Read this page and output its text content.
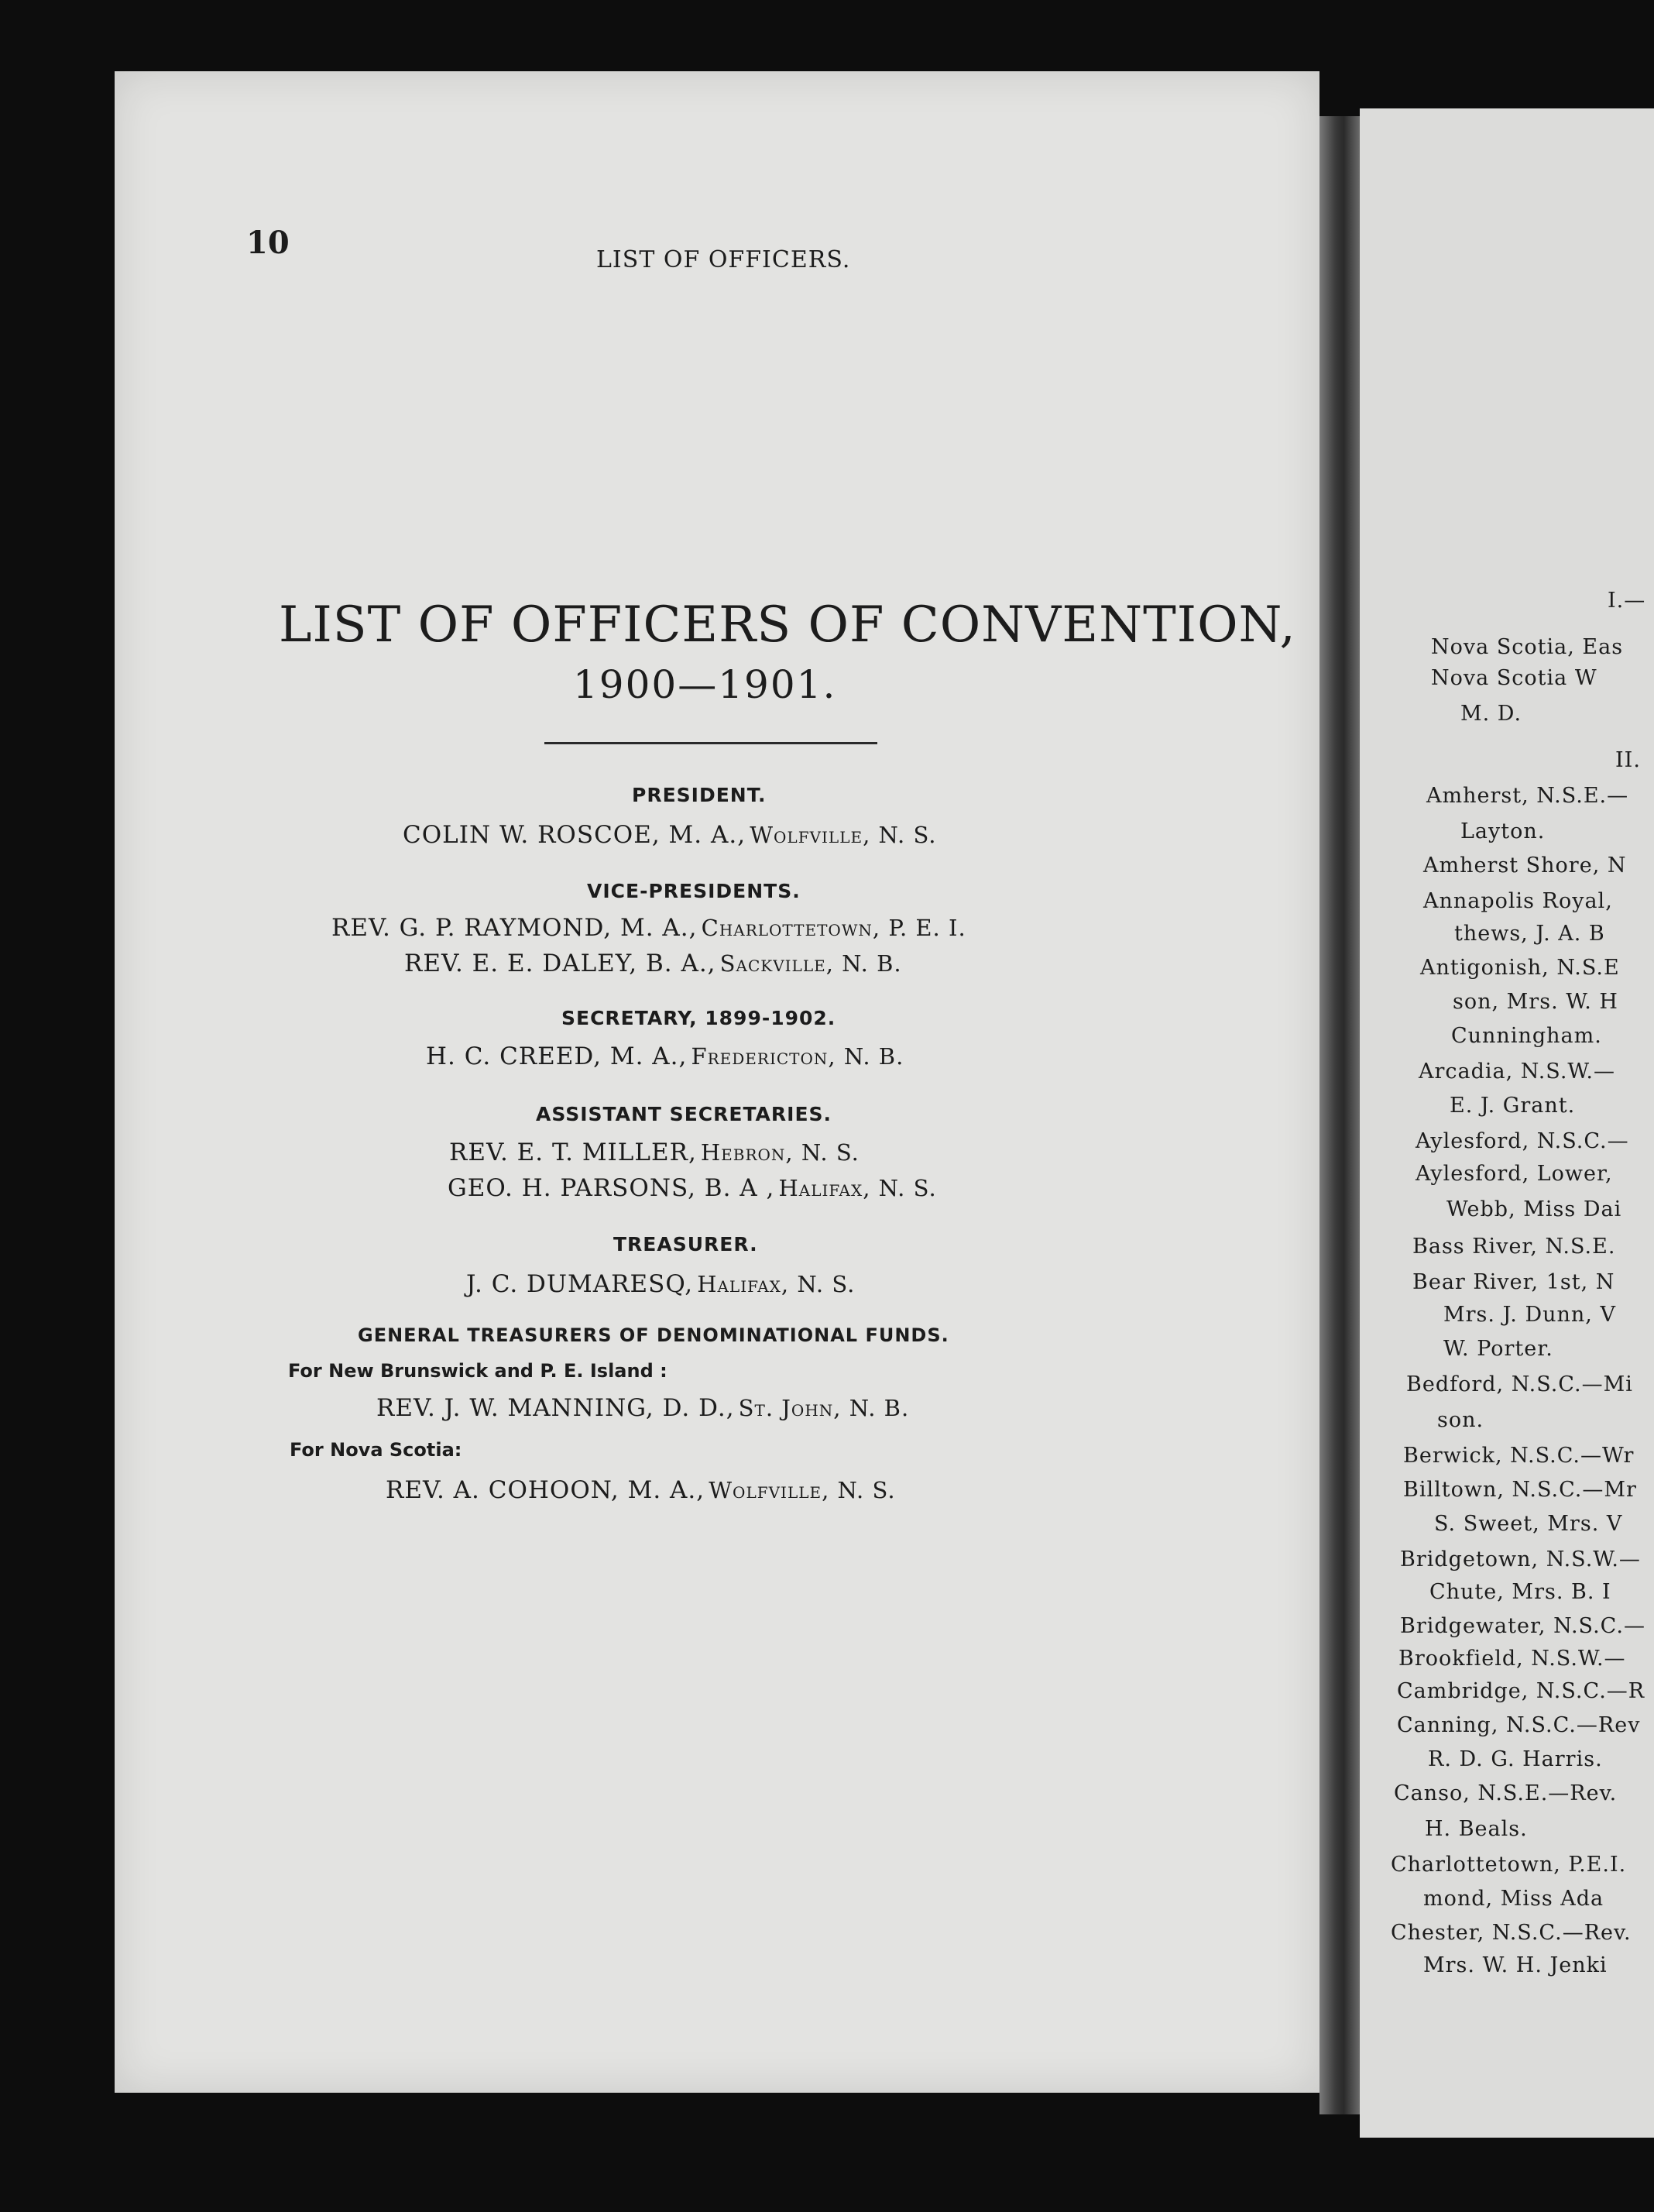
I.—
Nova Scotia, Eas
Nova Scotia W
M. D.
II.
Amherst, N.S.E.—
Layton.
Amherst Shore, N
Annapolis Royal,
thews, J. A. B
Antigonish, N.S.E
son, Mrs. W. H
Cunningham.
Arcadia, N.S.W.—
E. J. Grant.
Aylesford, N.S.C.—
Aylesford, Lower,
Webb, Miss Dai
Bass River, N.S.E.
Bear River, 1st, N
Mrs. J. Dunn, V
W. Porter.
Bedford, N.S.C.—Mi
son.
Berwick, N.S.C.—Wr
Billtown, N.S.C.—Mr
S. Sweet, Mrs. V
Bridgetown, N.S.W.—
Chute, Mrs. B. I
Bridgewater, N.S.C.—
Brookfield, N.S.W.—
Cambridge, N.S.C.—R
Canning, N.S.C.—Rev
R. D. G. Harris.
Canso, N.S.E.—Rev.
H. Beals.
Charlottetown, P.E.I.
mond, Miss Ada
Chester, N.S.C.—Rev.
Mrs. W. H. Jenki
10	LIST OF OFFICERS.
LIST OF OFFICERS OF CONVENTION,
1900—1901.
PRESIDENT.
COLIN W. ROSCOE, M. A., Wolfville, N. S.
VICE-PRESIDENTS.
REV. G. P. RAYMOND, M. A., Charlottetown, P. E. I.
REV. E. E. DALEY, B. A., Sackville, N. B.
SECRETARY, 1899-1902.
H. C. CREED, M. A., Fredericton, N. B.
ASSISTANT SECRETARIES.
REV. E. T. MILLER, Hebron, N. S.
GEO. H. PARSONS, B. A , Halifax, N. S.
TREASURER.
J. C. DUMARESQ, Halifax, N. S.
GENERAL TREASURERS OF DENOMINATIONAL FUNDS.
For New Brunswick and P. E. Island :
REV. J. W. MANNING, D. D., St. John, N. B.
For Nova Scotia:
REV. A. COHOON, M. A., Wolfville, N. S.
